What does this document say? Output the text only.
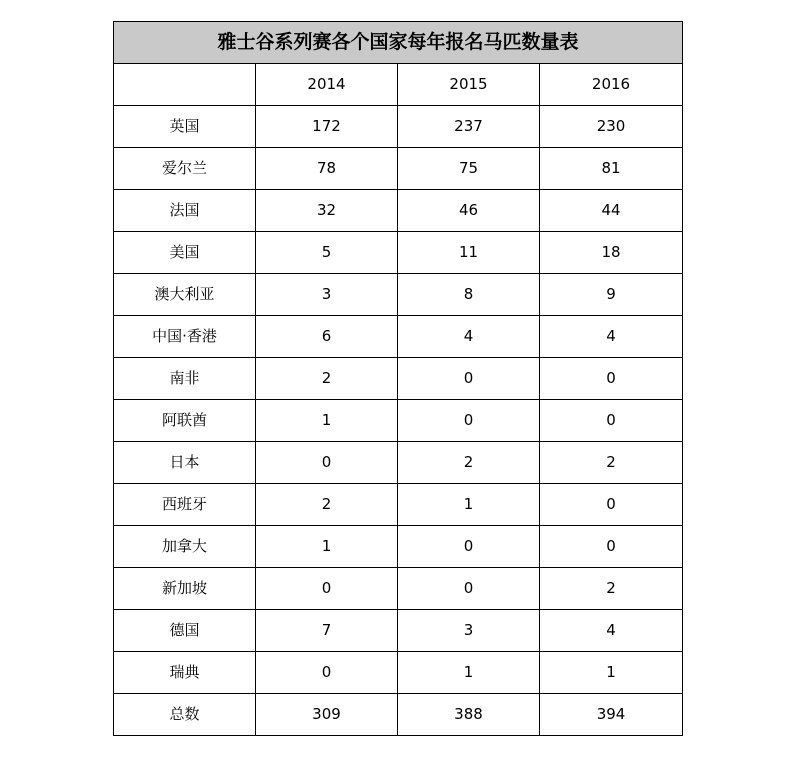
雅士谷系列赛各个国家每年报名马匹数量表			
	2014	2015	2016
英国	172	237	230
爱尔兰	78	75	81
法国	32	46	44
美国	5	11	18
澳大利亚	3	8	9
中国·香港	6	4	4
南非	2	0	0
阿联酋	1	0	0
日本	0	2	2
西班牙	2	1	0
加拿大	1	0	0
新加坡	0	0	2
德国	7	3	4
瑞典	0	1	1
总数	309	388	394
